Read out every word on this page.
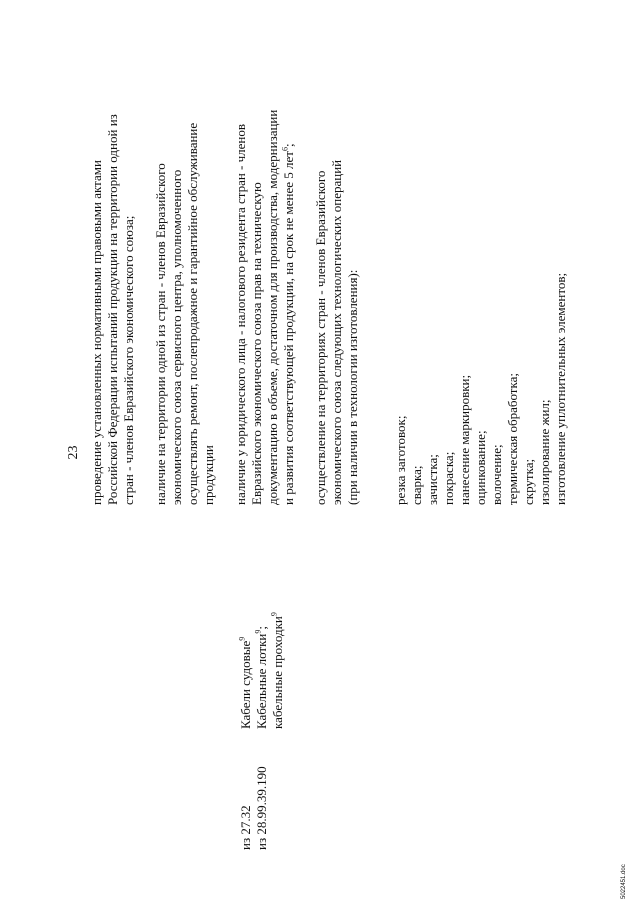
23
из 27.32 из 28.99.39.190
Кабели судовые$^9$ Кабельные лотки$^9$; кабельные проходки$^9$
проведение установленных нормативными правовыми актами Российской Федерации испытаний продукции на территории одной из стран - членов Евразийского экономического союза; наличие на территории одной из стран - членов Евразийского экономического союза сервисного центра, уполномоченного осуществлять ремонт, послепродажное и гарантийное обслуживание продукции наличие у юридического лица - налогового резидента стран - членов Евразийского экономического союза прав на техническую документацию в объеме, достаточном для производства, модернизации и развития соответствующей продукции, на срок не менее 5 лет$^6$;
осуществление на территориях стран - членов Евразийского экономического союза следующих технологических операций (при наличии в технологии изготовления):	резка заготовок; сварка; зачистка; покраска; нанесение маркировки; оцинкование; волочение; термическая обработка; скрутка; изолирование жил; изготовление уплотнительных элементов;
5022451.doc
